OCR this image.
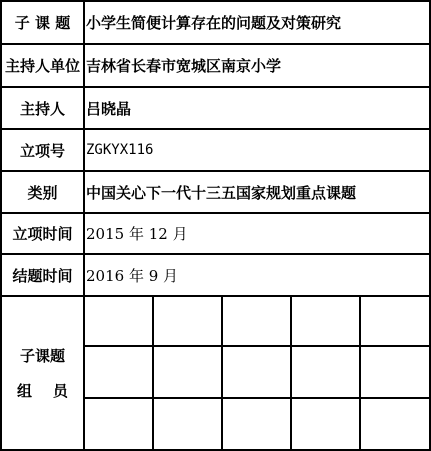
子 课 题	小学生简便计算存在的问题及对策研究
主持人单位 吉林省长春市宽城区南京小学
主持人	吕晓晶
立项号	ZGKYX116
类别	中国关心下一代十三五国家规划重点课题
立项时间 2015 年 12 月
结题时间 2016 年 9 月
子课题
组    员
